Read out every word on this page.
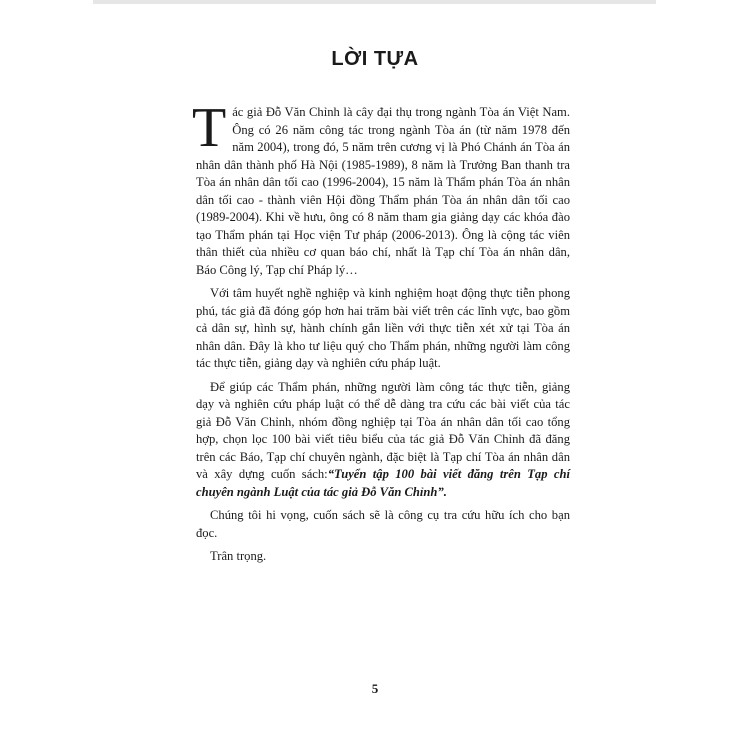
LỜI TỰA

Tác giả Đỗ Văn Chỉnh là cây đại thụ trong ngành Tòa án Việt Nam. Ông có 26 năm công tác trong ngành Tòa án (từ năm 1978 đến năm 2004), trong đó, 5 năm trên cương vị là Phó Chánh án Tòa án nhân dân thành phố Hà Nội (1985-1989), 8 năm là Trưởng Ban thanh tra Tòa án nhân dân tối cao (1996-2004), 15 năm là Thẩm phán Tòa án nhân dân tối cao - thành viên Hội đồng Thẩm phán Tòa án nhân dân tối cao (1989-2004). Khi về hưu, ông có 8 năm tham gia giảng dạy các khóa đào tạo Thẩm phán tại Học viện Tư pháp (2006-2013). Ông là cộng tác viên thân thiết của nhiều cơ quan báo chí, nhất là Tạp chí Tòa án nhân dân, Báo Công lý, Tạp chí Pháp lý…

Với tâm huyết nghề nghiệp và kinh nghiệm hoạt động thực tiễn phong phú, tác giả đã đóng góp hơn hai trăm bài viết trên các lĩnh vực, bao gồm cả dân sự, hình sự, hành chính gắn liền với thực tiễn xét xử tại Tòa án nhân dân. Đây là kho tư liệu quý cho Thẩm phán, những người làm công tác thực tiễn, giảng dạy và nghiên cứu pháp luật.

Để giúp các Thẩm phán, những người làm công tác thực tiễn, giảng dạy và nghiên cứu pháp luật có thể dễ dàng tra cứu các bài viết của tác giả Đỗ Văn Chỉnh, nhóm đồng nghiệp tại Tòa án nhân dân tối cao tổng hợp, chọn lọc 100 bài viết tiêu biểu của tác giả Đỗ Văn Chỉnh đã đăng trên các Báo, Tạp chí chuyên ngành, đặc biệt là Tạp chí Tòa án nhân dân và xây dựng cuốn sách:“Tuyển tập 100 bài viết đăng trên Tạp chí chuyên ngành Luật của tác giả Đỗ Văn Chỉnh”.

Chúng tôi hi vọng, cuốn sách sẽ là công cụ tra cứu hữu ích cho bạn đọc.

Trân trọng.

5
